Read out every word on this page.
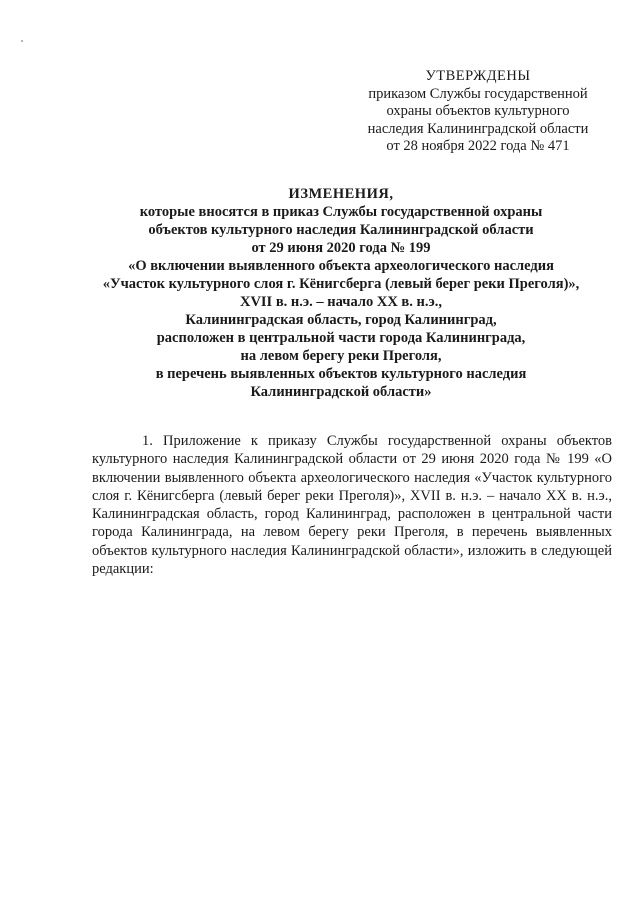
УТВЕРЖДЕНЫ
приказом Службы государственной
охраны объектов культурного
наследия Калининградской области
от 28 ноября 2022 года № 471
ИЗМЕНЕНИЯ,
которые вносятся в приказ Службы государственной охраны
объектов культурного наследия Калининградской области
от 29 июня 2020 года № 199
«О включении выявленного объекта археологического наследия
«Участок культурного слоя г. Кёнигсберга (левый берег реки Преголя)»,
XVII в. н.э. – начало XX в. н.э.,
Калининградская область, город Калининград,
расположен в центральной части города Калининграда,
на левом берегу реки Преголя,
в перечень выявленных объектов культурного наследия
Калининградской области»

1. Приложение к приказу Службы государственной охраны объектов культурного наследия Калининградской области от 29 июня 2020 года № 199 «О включении выявленного объекта археологического наследия «Участок культурного слоя г. Кёнигсберга (левый берег реки Преголя)», XVII в. н.э. – начало XX в. н.э., Калининградская область, город Калининград, расположен в центральной части города Калининграда, на левом берегу реки Преголя, в перечень выявленных объектов культурного наследия Калининградской области», изложить в следующей редакции:
